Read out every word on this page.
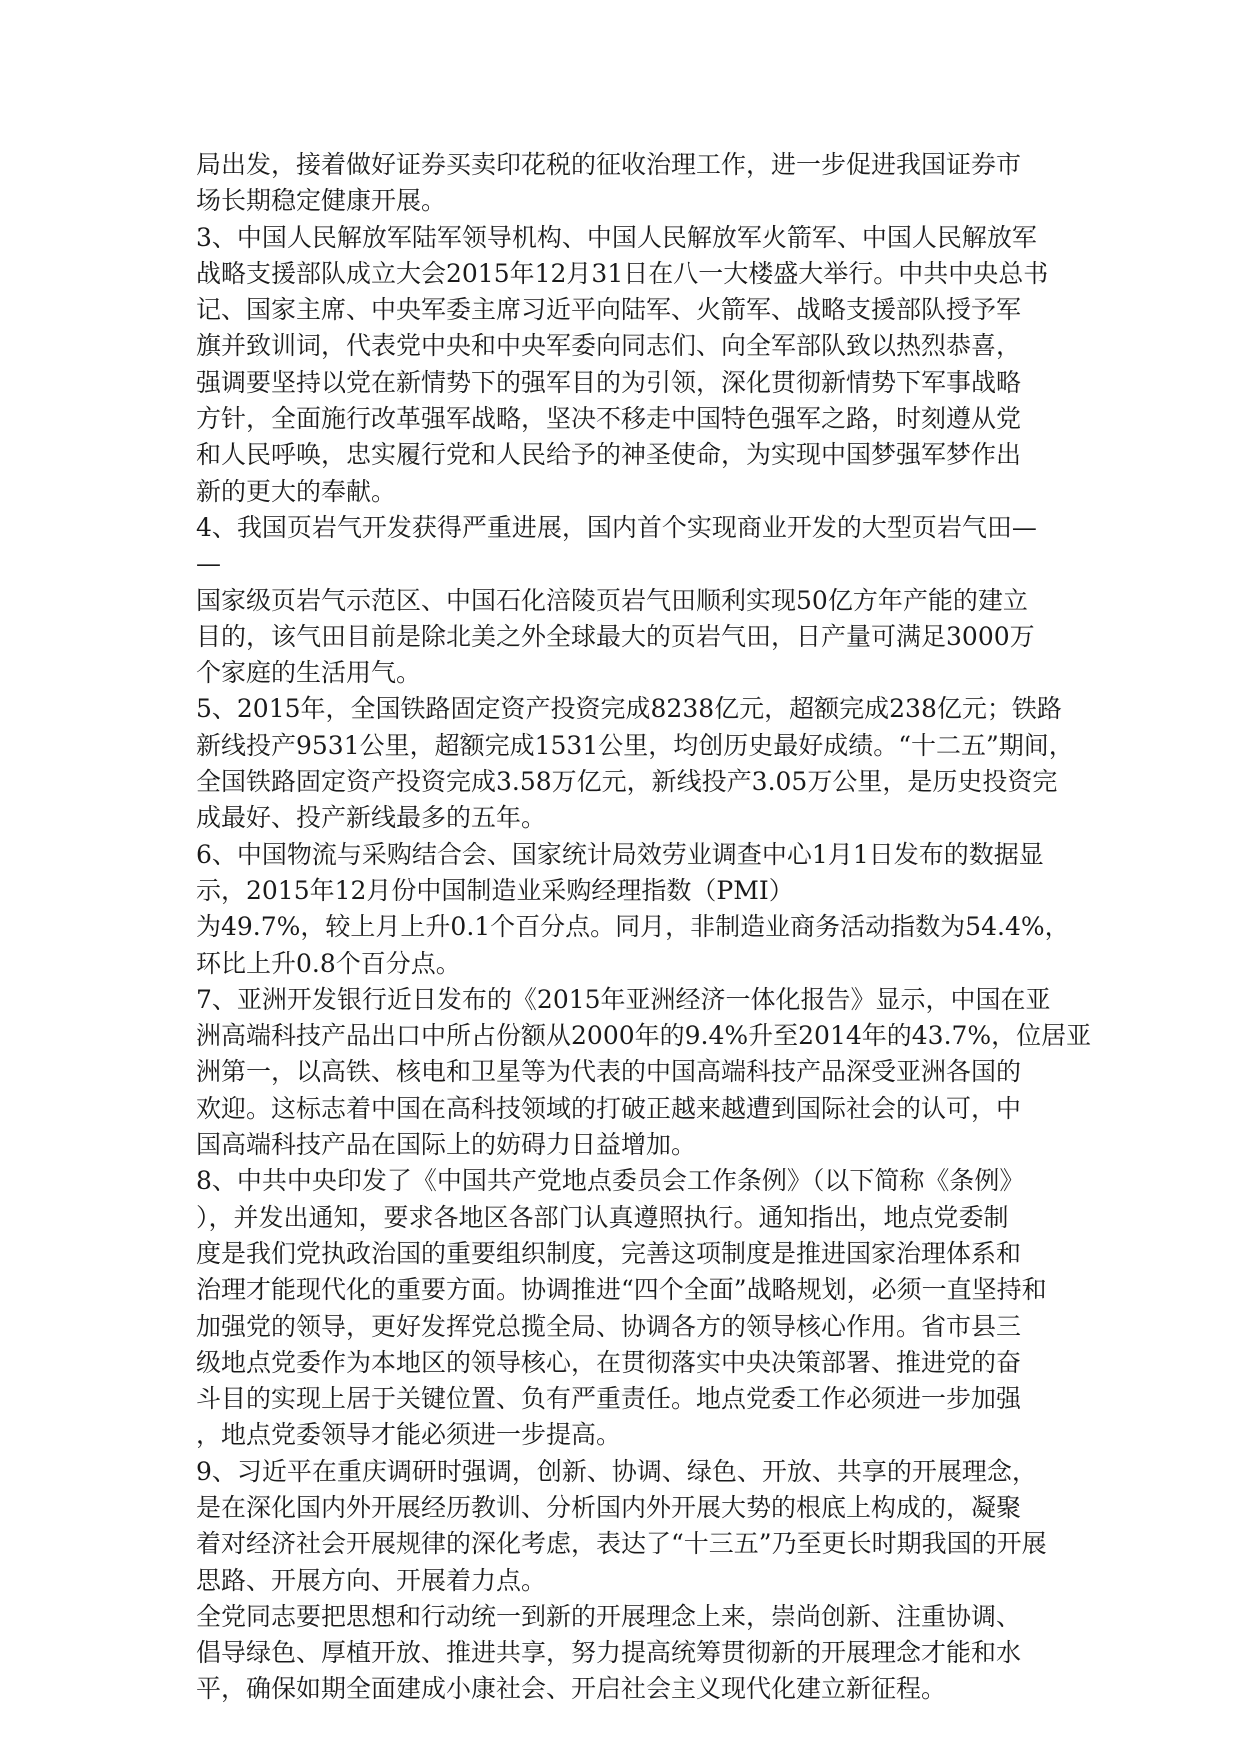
局出发，接着做好证券买卖印花税的征收治理工作，进一步促进我国证券市
场长期稳定健康开展。
3、中国人民解放军陆军领导机构、中国人民解放军火箭军、中国人民解放军
战略支援部队成立大会2015年12月31日在八一大楼盛大举行。中共中央总书
记、国家主席、中央军委主席习近平向陆军、火箭军、战略支援部队授予军
旗并致训词，代表党中央和中央军委向同志们、向全军部队致以热烈恭喜，
强调要坚持以党在新情势下的强军目的为引领，深化贯彻新情势下军事战略
方针，全面施行改革强军战略，坚决不移走中国特色强军之路，时刻遵从党
和人民呼唤，忠实履行党和人民给予的神圣使命，为实现中国梦强军梦作出
新的更大的奉献。
4、我国页岩气开发获得严重进展，国内首个实现商业开发的大型页岩气田—
—
国家级页岩气示范区、中国石化涪陵页岩气田顺利实现50亿方年产能的建立
目的，该气田目前是除北美之外全球最大的页岩气田，日产量可满足3000万
个家庭的生活用气。
5、2015年，全国铁路固定资产投资完成8238亿元，超额完成238亿元；铁路
新线投产9531公里，超额完成1531公里，均创历史最好成绩。“十二五”期间，
全国铁路固定资产投资完成3.58万亿元，新线投产3.05万公里，是历史投资完
成最好、投产新线最多的五年。
6、中国物流与采购结合会、国家统计局效劳业调查中心1月1日发布的数据显
示，2015年12月份中国制造业采购经理指数（PMI）
为49.7%，较上月上升0.1个百分点。同月，非制造业商务活动指数为54.4%，
环比上升0.8个百分点。
7、亚洲开发银行近日发布的《2015年亚洲经济一体化报告》显示，中国在亚
洲高端科技产品出口中所占份额从2000年的9.4%升至2014年的43.7%，位居亚
洲第一，以高铁、核电和卫星等为代表的中国高端科技产品深受亚洲各国的
欢迎。这标志着中国在高科技领域的打破正越来越遭到国际社会的认可，中
国高端科技产品在国际上的妨碍力日益增加。
8、中共中央印发了《中国共产党地点委员会工作条例》（以下简称《条例》
），并发出通知，要求各地区各部门认真遵照执行。通知指出，地点党委制
度是我们党执政治国的重要组织制度，完善这项制度是推进国家治理体系和
治理才能现代化的重要方面。协调推进“四个全面”战略规划，必须一直坚持和
加强党的领导，更好发挥党总揽全局、协调各方的领导核心作用。省市县三
级地点党委作为本地区的领导核心，在贯彻落实中央决策部署、推进党的奋
斗目的实现上居于关键位置、负有严重责任。地点党委工作必须进一步加强
，地点党委领导才能必须进一步提高。
9、习近平在重庆调研时强调，创新、协调、绿色、开放、共享的开展理念，
是在深化国内外开展经历教训、分析国内外开展大势的根底上构成的，凝聚
着对经济社会开展规律的深化考虑，表达了“十三五”乃至更长时期我国的开展
思路、开展方向、开展着力点。
全党同志要把思想和行动统一到新的开展理念上来，崇尚创新、注重协调、
倡导绿色、厚植开放、推进共享，努力提高统筹贯彻新的开展理念才能和水
平，确保如期全面建成小康社会、开启社会主义现代化建立新征程。
